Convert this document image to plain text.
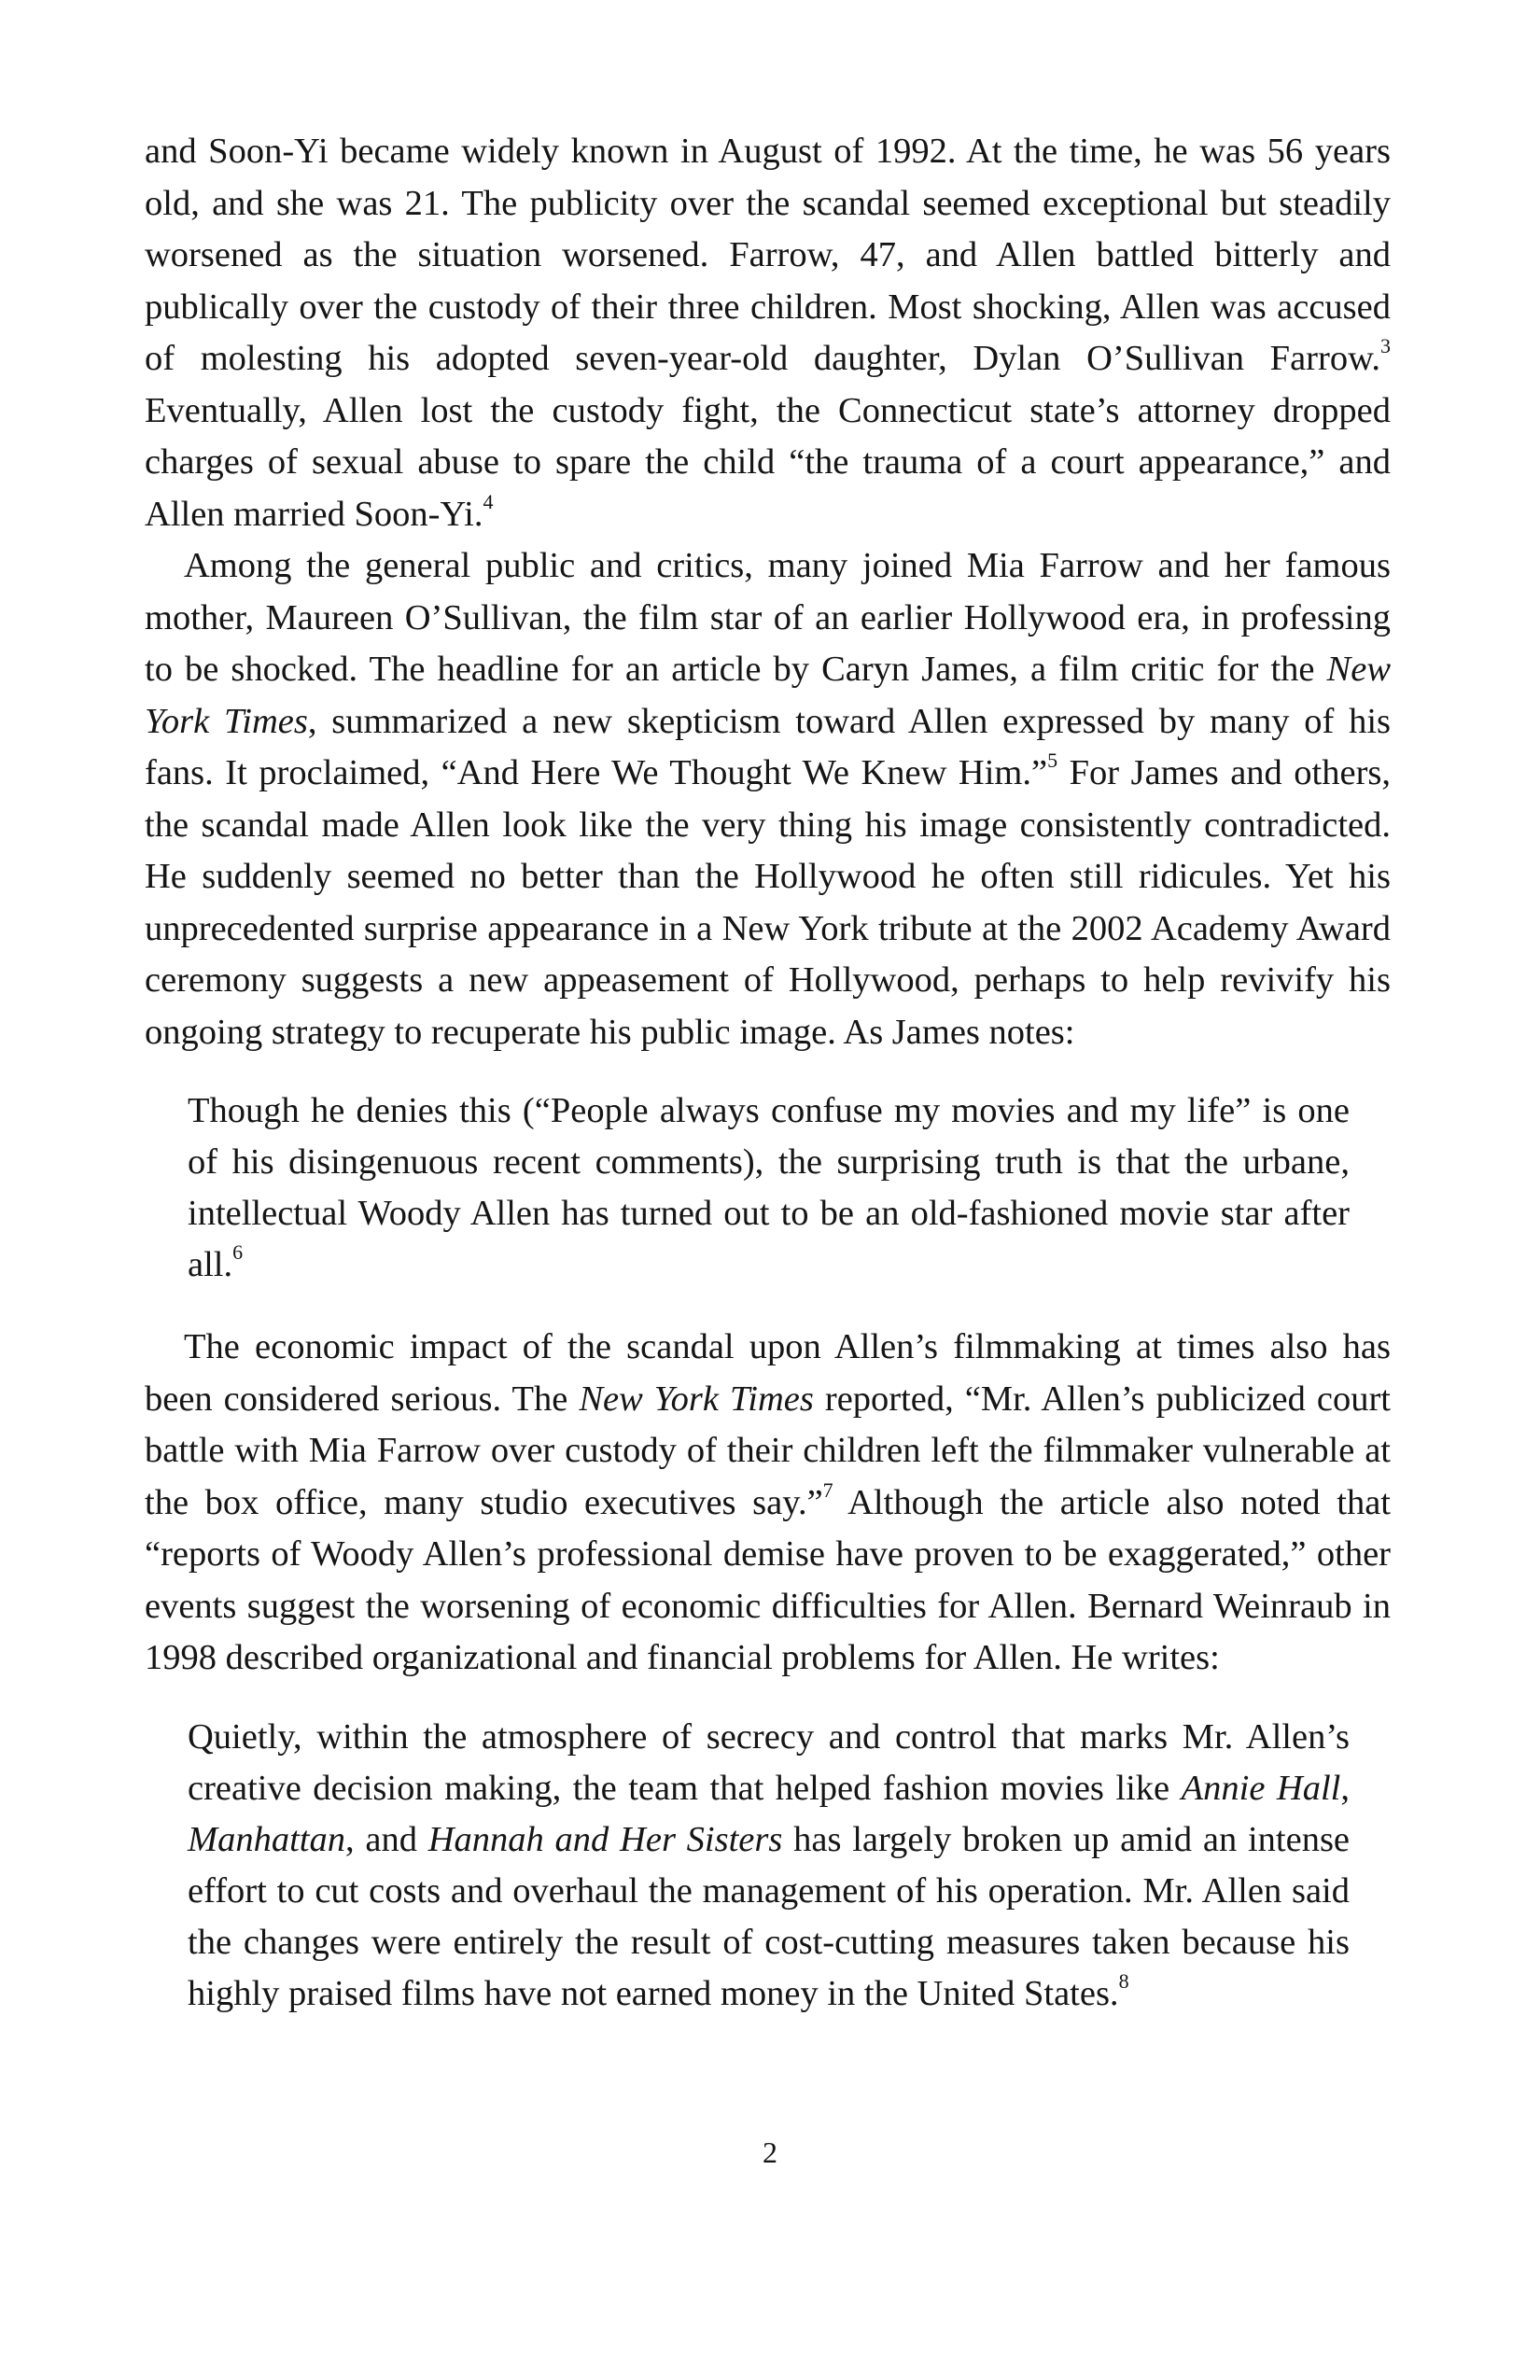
and Soon-Yi became widely known in August of 1992. At the time, he was 56 years old, and she was 21. The publicity over the scandal seemed exceptional but steadily worsened as the situation worsened. Farrow, 47, and Allen battled bitterly and publically over the custody of their three children. Most shocking, Allen was accused of molesting his adopted seven-year-old daughter, Dylan O’Sullivan Farrow.$^3$ Eventually, Allen lost the custody fight, the Connecticut state’s attorney dropped charges of sexual abuse to spare the child “the trauma of a court appearance,” and Allen married Soon-Yi.$^4$

Among the general public and critics, many joined Mia Farrow and her famous mother, Maureen O’Sullivan, the film star of an earlier Hollywood era, in professing to be shocked. The headline for an article by Caryn James, a film critic for the New York Times, summarized a new skepticism toward Allen expressed by many of his fans. It proclaimed, “And Here We Thought We Knew Him.”$^5$ For James and others, the scandal made Allen look like the very thing his image consistently contradicted. He suddenly seemed no better than the Hollywood he often still ridicules. Yet his unprecedented surprise appearance in a New York tribute at the 2002 Academy Award ceremony suggests a new appeasement of Hollywood, perhaps to help revivify his ongoing strategy to recuperate his public image. As James notes:

Though he denies this (“People always confuse my movies and my life” is one of his disingenuous recent comments), the surprising truth is that the urbane, intellectual Woody Allen has turned out to be an old-fashioned movie star after all.$^6$

The economic impact of the scandal upon Allen’s filmmaking at times also has been considered serious. The New York Times reported, “Mr. Allen’s publicized court battle with Mia Farrow over custody of their children left the filmmaker vulnerable at the box office, many studio executives say.”$^7$ Although the article also noted that “reports of Woody Allen’s professional demise have proven to be exaggerated,” other events suggest the worsening of economic difficulties for Allen. Bernard Weinraub in 1998 described organizational and financial problems for Allen. He writes:

Quietly, within the atmosphere of secrecy and control that marks Mr. Allen’s creative decision making, the team that helped fashion movies like Annie Hall, Manhattan, and Hannah and Her Sisters has largely broken up amid an intense effort to cut costs and overhaul the management of his operation. Mr. Allen said the changes were entirely the result of cost-cutting measures taken because his highly praised films have not earned money in the United States.$^8$

2
